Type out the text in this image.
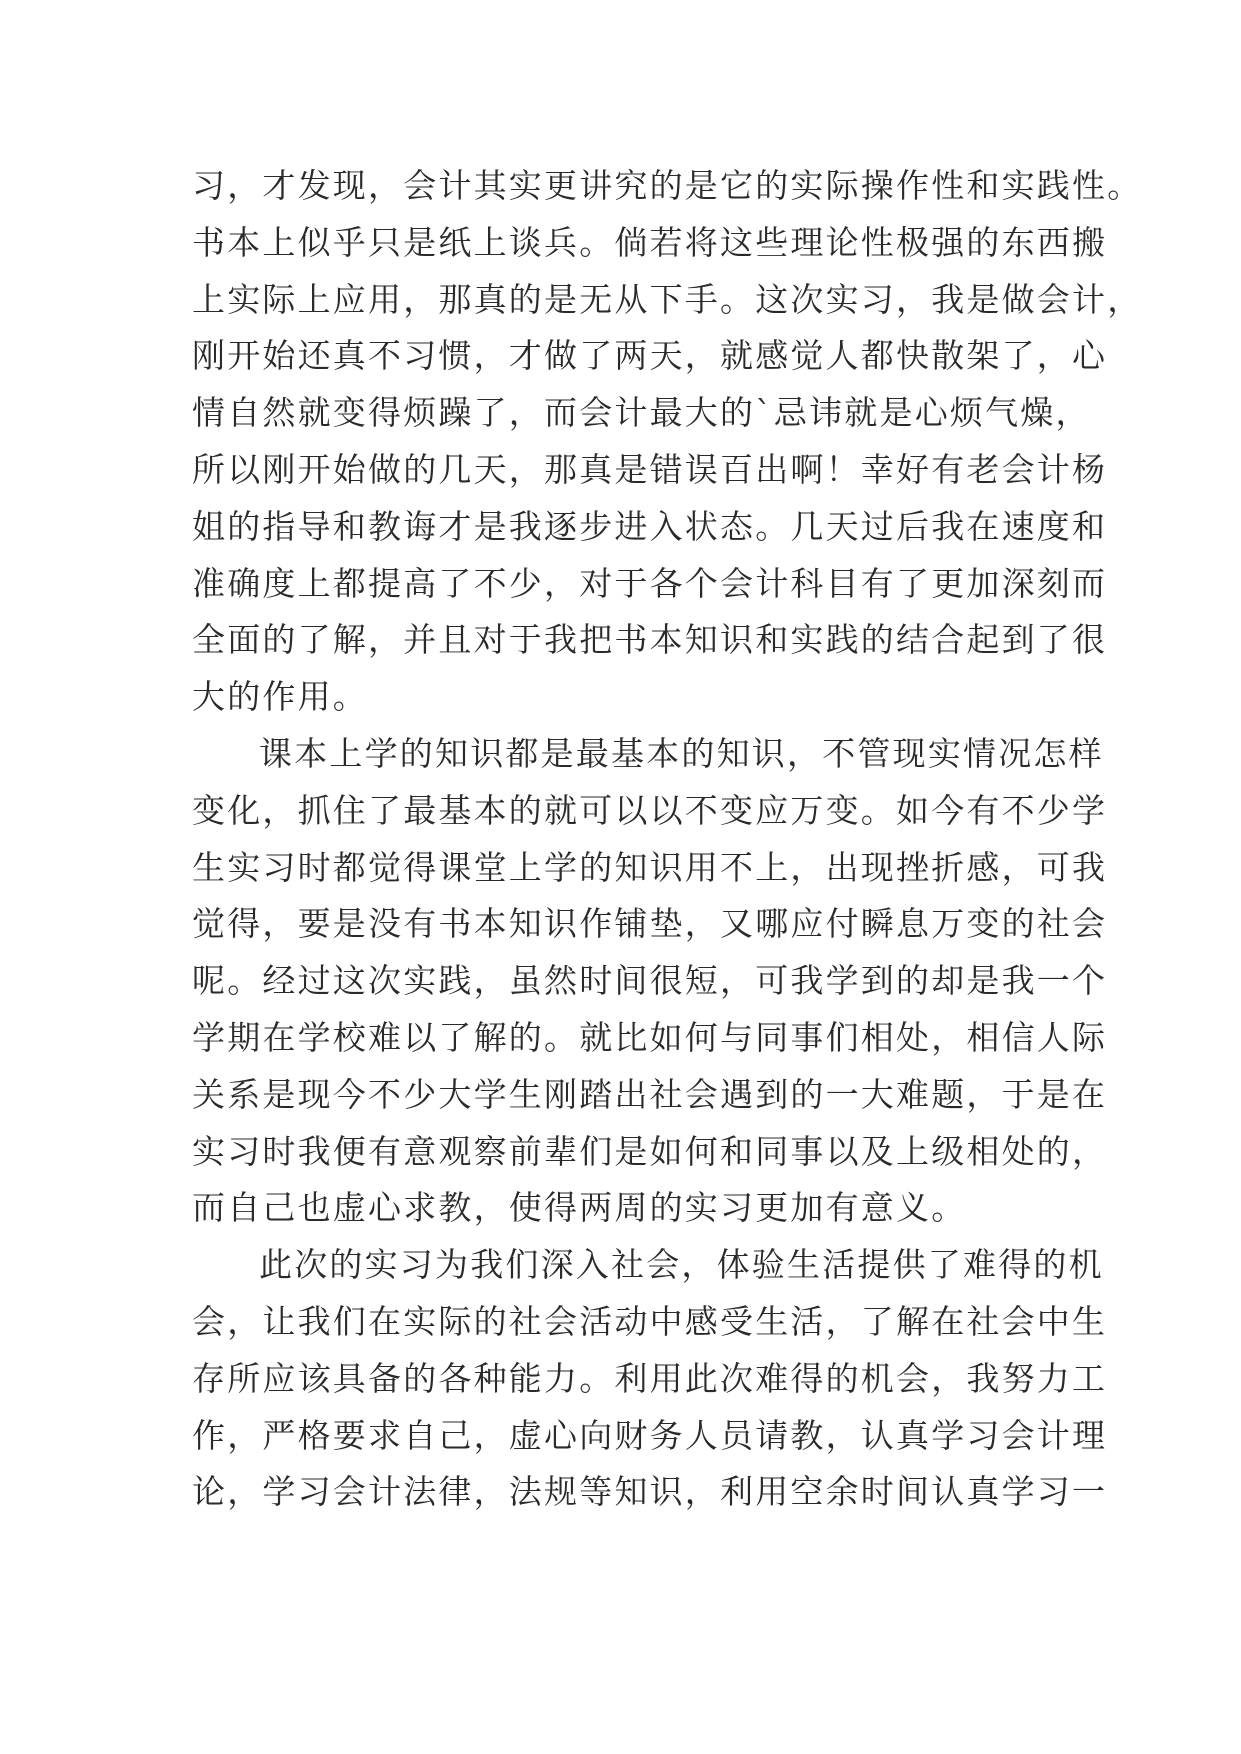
习，才发现，会计其实更讲究的是它的实际操作性和实践性。
书本上似乎只是纸上谈兵。倘若将这些理论性极强的东西搬
上实际上应用，那真的是无从下手。这次实习，我是做会计，
刚开始还真不习惯，才做了两天，就感觉人都快散架了，心
情自然就变得烦躁了，而会计最大的`忌讳就是心烦气燥，
所以刚开始做的几天，那真是错误百出啊！幸好有老会计杨
姐的指导和教诲才是我逐步进入状态。几天过后我在速度和
准确度上都提高了不少，对于各个会计科目有了更加深刻而
全面的了解，并且对于我把书本知识和实践的结合起到了很
大的作用。
课本上学的知识都是最基本的知识，不管现实情况怎样
变化，抓住了最基本的就可以以不变应万变。如今有不少学
生实习时都觉得课堂上学的知识用不上，出现挫折感，可我
觉得，要是没有书本知识作铺垫，又哪应付瞬息万变的社会
呢。经过这次实践，虽然时间很短，可我学到的却是我一个
学期在学校难以了解的。就比如何与同事们相处，相信人际
关系是现今不少大学生刚踏出社会遇到的一大难题，于是在
实习时我便有意观察前辈们是如何和同事以及上级相处的，
而自己也虚心求教，使得两周的实习更加有意义。
此次的实习为我们深入社会，体验生活提供了难得的机
会，让我们在实际的社会活动中感受生活，了解在社会中生
存所应该具备的各种能力。利用此次难得的机会，我努力工
作，严格要求自己，虚心向财务人员请教，认真学习会计理
论，学习会计法律，法规等知识，利用空余时间认真学习一
